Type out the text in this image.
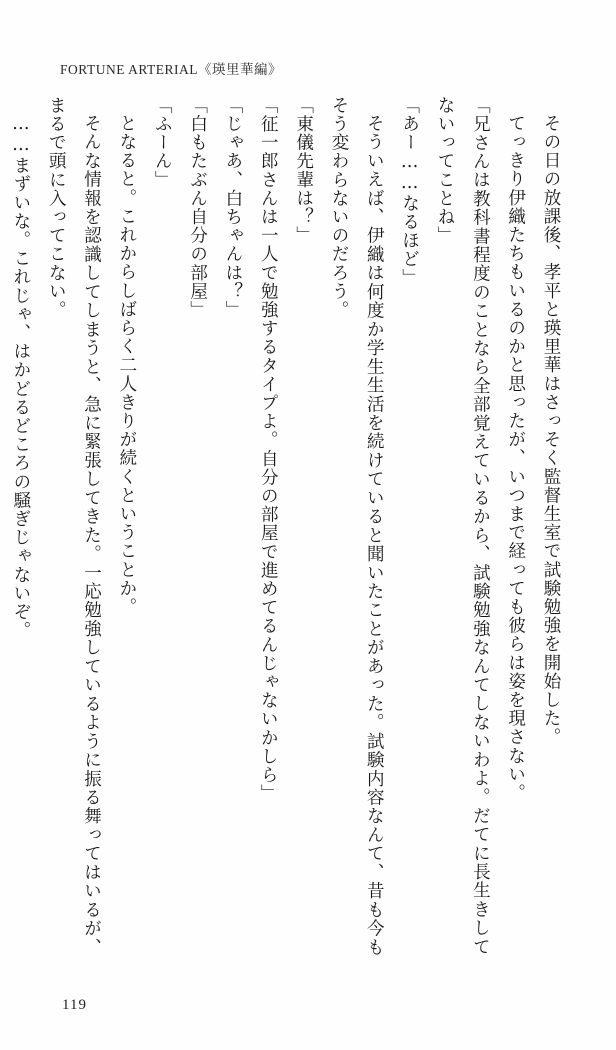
FORTUNE ARTERIAL《瑛里華編》

その日の放課後、孝平と瑛里華はさっそく監督生室で試験勉強を開始した。

てっきり伊織たちもいるのかと思ったが、いつまで経っても彼らは姿を現さない。

「兄さんは教科書程度のことなら全部覚えているから、試験勉強なんてしないわよ。だてに長生きしてないってことね」

「あー……なるほど」

そういえば、伊織は何度か学生生活を続けていると聞いたことがあった。試験内容なんて、昔も今もそう変わらないのだろう。

「東儀先輩は？」

「征一郎さんは一人で勉強するタイプよ。自分の部屋で進めてるんじゃないかしら」

「じゃあ、白ちゃんは？」

「白もたぶん自分の部屋」

「ふーん」

となると。これからしばらく二人きりが続くということか。

そんな情報を認識してしまうと、急に緊張してきた。一応勉強しているように振る舞ってはいるが、まるで頭に入ってこない。

……まずいな。これじゃ、はかどるどころの騒ぎじゃないぞ。

119
